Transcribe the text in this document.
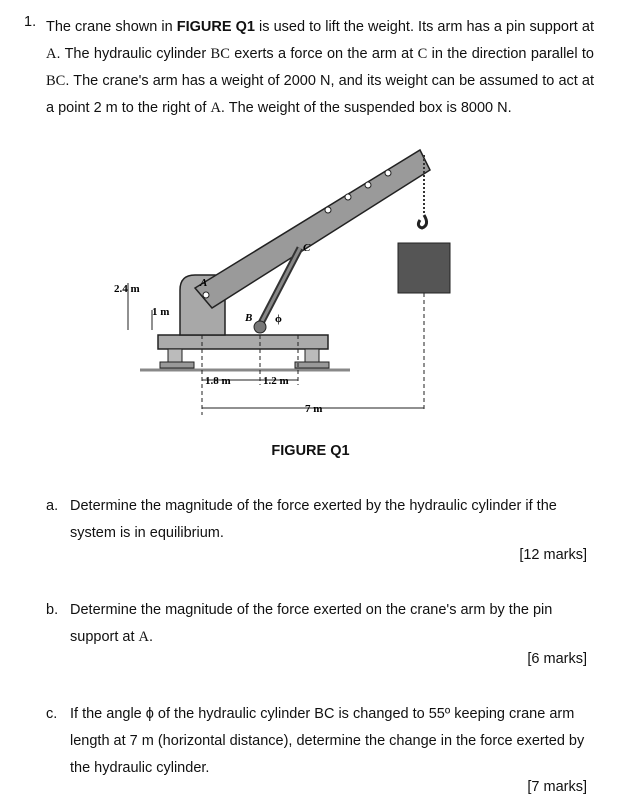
1. The crane shown in FIGURE Q1 is used to lift the weight. Its arm has a pin support at A. The hydraulic cylinder BC exerts a force on the arm at C in the direction parallel to BC. The crane's arm has a weight of 2000 N, and its weight can be assumed to act at a point 2 m to the right of A. The weight of the suspended box is 8000 N.
2.4 m
1 m
A
B
C
ϕ
1.8 m	1.2 m
7 m
FIGURE Q1
a. Determine the magnitude of the force exerted by the hydraulic cylinder if the system is in equilibrium.
[12 marks]
b. Determine the magnitude of the force exerted on the crane's arm by the pin support at A.
[6 marks]
c. If the angle ϕ of the hydraulic cylinder BC is changed to 55º keeping crane arm length at 7 m (horizontal distance), determine the change in the force exerted by the hydraulic cylinder.
[7 marks]
